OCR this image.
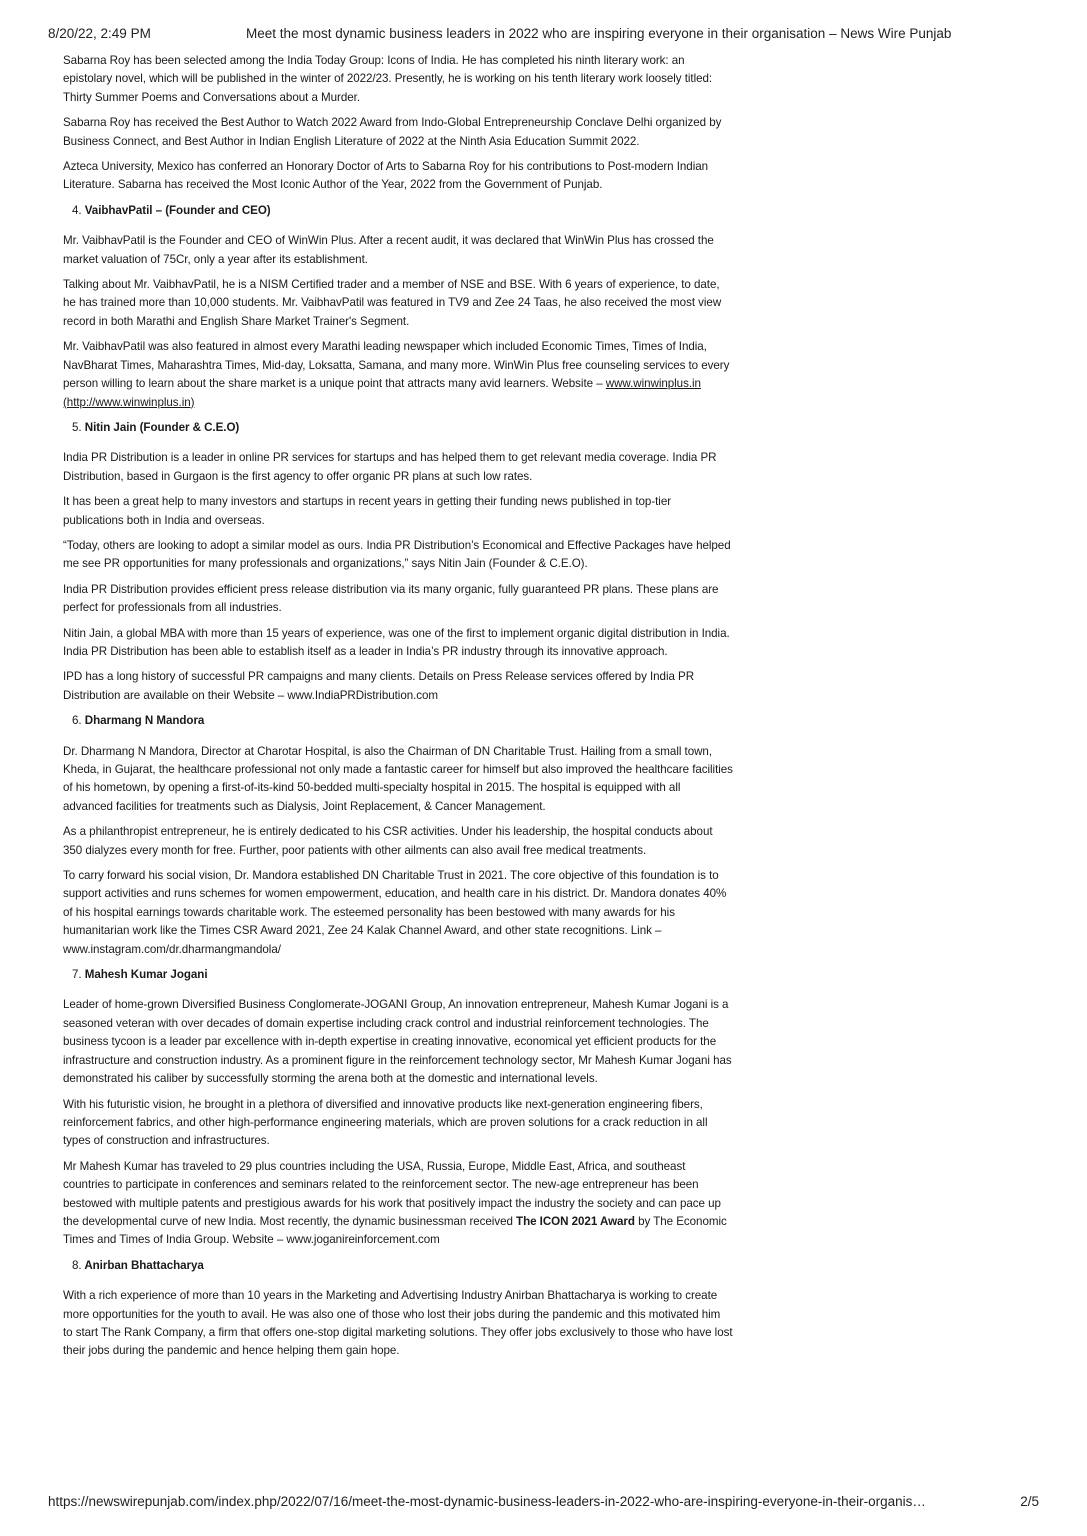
8/20/22, 2:49 PM	Meet the most dynamic business leaders in 2022 who are inspiring everyone in their organisation – News Wire Punjab

Sabarna Roy has been selected among the India Today Group: Icons of India. He has completed his ninth literary work: an epistolary novel, which will be published in the winter of 2022/23. Presently, he is working on his tenth literary work loosely titled: Thirty Summer Poems and Conversations about a Murder.

Sabarna Roy has received the Best Author to Watch 2022 Award from Indo-Global Entrepreneurship Conclave Delhi organized by Business Connect, and Best Author in Indian English Literature of 2022 at the Ninth Asia Education Summit 2022.

Azteca University, Mexico has conferred an Honorary Doctor of Arts to Sabarna Roy for his contributions to Post-modern Indian Literature. Sabarna has received the Most Iconic Author of the Year, 2022 from the Government of Punjab.

4. VaibhavPatil – (Founder and CEO)

Mr. VaibhavPatil is the Founder and CEO of WinWin Plus. After a recent audit, it was declared that WinWin Plus has crossed the market valuation of 75Cr, only a year after its establishment.

Talking about Mr. VaibhavPatil, he is a NISM Certified trader and a member of NSE and BSE. With 6 years of experience, to date, he has trained more than 10,000 students. Mr. VaibhavPatil was featured in TV9 and Zee 24 Taas, he also received the most view record in both Marathi and English Share Market Trainer's Segment.

Mr. VaibhavPatil was also featured in almost every Marathi leading newspaper which included Economic Times, Times of India, NavBharat Times, Maharashtra Times, Mid-day, Loksatta, Samana, and many more. WinWin Plus free counseling services to every person willing to learn about the share market is a unique point that attracts many avid learners. Website – www.winwinplus.in (http://www.winwinplus.in)

5. Nitin Jain (Founder & C.E.O)

India PR Distribution is a leader in online PR services for startups and has helped them to get relevant media coverage. India PR Distribution, based in Gurgaon is the first agency to offer organic PR plans at such low rates.

It has been a great help to many investors and startups in recent years in getting their funding news published in top-tier publications both in India and overseas.

“Today, others are looking to adopt a similar model as ours. India PR Distribution’s Economical and Effective Packages have helped me see PR opportunities for many professionals and organizations,” says Nitin Jain (Founder & C.E.O).

India PR Distribution provides efficient press release distribution via its many organic, fully guaranteed PR plans. These plans are perfect for professionals from all industries.

Nitin Jain, a global MBA with more than 15 years of experience, was one of the first to implement organic digital distribution in India. India PR Distribution has been able to establish itself as a leader in India’s PR industry through its innovative approach.

IPD has a long history of successful PR campaigns and many clients. Details on Press Release services offered by India PR Distribution are available on their Website – www.IndiaPRDistribution.com

6. Dharmang N Mandora

Dr. Dharmang N Mandora, Director at Charotar Hospital, is also the Chairman of DN Charitable Trust. Hailing from a small town, Kheda, in Gujarat, the healthcare professional not only made a fantastic career for himself but also improved the healthcare facilities of his hometown, by opening a first-of-its-kind 50-bedded multi-specialty hospital in 2015. The hospital is equipped with all advanced facilities for treatments such as Dialysis, Joint Replacement, & Cancer Management.

As a philanthropist entrepreneur, he is entirely dedicated to his CSR activities. Under his leadership, the hospital conducts about 350 dialyzes every month for free. Further, poor patients with other ailments can also avail free medical treatments.

To carry forward his social vision, Dr. Mandora established DN Charitable Trust in 2021. The core objective of this foundation is to support activities and runs schemes for women empowerment, education, and health care in his district. Dr. Mandora donates 40% of his hospital earnings towards charitable work. The esteemed personality has been bestowed with many awards for his humanitarian work like the Times CSR Award 2021, Zee 24 Kalak Channel Award, and other state recognitions. Link – www.instagram.com/dr.dharmangmandola/

7. Mahesh Kumar Jogani

Leader of home-grown Diversified Business Conglomerate-JOGANI Group, An innovation entrepreneur, Mahesh Kumar Jogani is a seasoned veteran with over decades of domain expertise including crack control and industrial reinforcement technologies. The business tycoon is a leader par excellence with in-depth expertise in creating innovative, economical yet efficient products for the infrastructure and construction industry. As a prominent figure in the reinforcement technology sector, Mr Mahesh Kumar Jogani has demonstrated his caliber by successfully storming the arena both at the domestic and international levels.

With his futuristic vision, he brought in a plethora of diversified and innovative products like next-generation engineering fibers, reinforcement fabrics, and other high-performance engineering materials, which are proven solutions for a crack reduction in all types of construction and infrastructures.

Mr Mahesh Kumar has traveled to 29 plus countries including the USA, Russia, Europe, Middle East, Africa, and southeast countries to participate in conferences and seminars related to the reinforcement sector. The new-age entrepreneur has been bestowed with multiple patents and prestigious awards for his work that positively impact the industry the society and can pace up the developmental curve of new India. Most recently, the dynamic businessman received The ICON 2021 Award by The Economic Times and Times of India Group. Website – www.joganireinforcement.com

8. Anirban Bhattacharya

With a rich experience of more than 10 years in the Marketing and Advertising Industry Anirban Bhattacharya is working to create more opportunities for the youth to avail. He was also one of those who lost their jobs during the pandemic and this motivated him to start The Rank Company, a firm that offers one-stop digital marketing solutions. They offer jobs exclusively to those who have lost their jobs during the pandemic and hence helping them gain hope.

https://newswirepunjab.com/index.php/2022/07/16/meet-the-most-dynamic-business-leaders-in-2022-who-are-inspiring-everyone-in-their-organis…	2/5
